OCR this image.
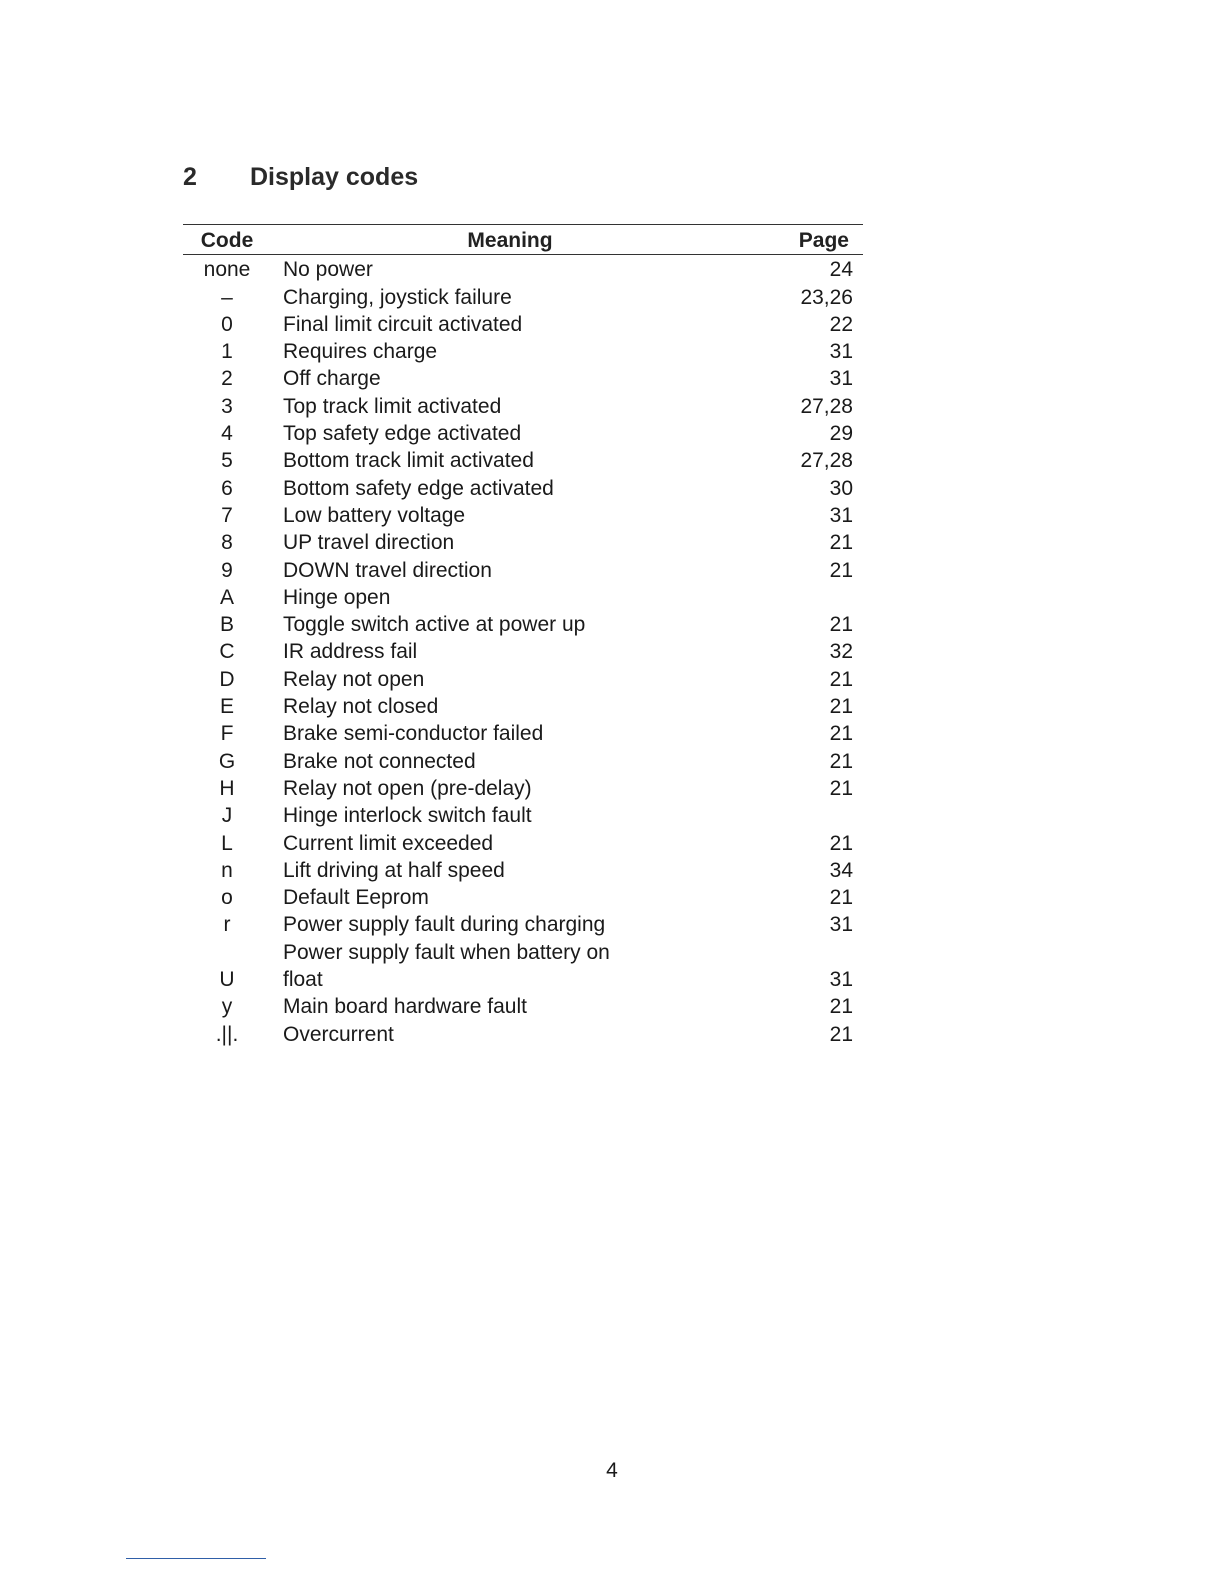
2 Display codes
Code	Meaning	Page
none	No power	24
–	Charging, joystick failure	23,26
0	Final limit circuit activated	22
1	Requires charge	31
2	Off charge	31
3	Top track limit activated	27,28
4	Top safety edge activated	29
5	Bottom track limit activated	27,28
6	Bottom safety edge activated	30
7	Low battery voltage	31
8	UP travel direction	21
9	DOWN travel direction	21
A	Hinge open	

B	Toggle switch active at power up	21
C	IR address fail	32
D	Relay not open	21
E	Relay not closed	21
F	Brake semi-conductor failed	21
G	Brake not connected	21
H	Relay not open (pre-delay)	21
J	Hinge interlock switch fault	

L	Current limit exceeded	21
n	Lift driving at half speed	34
o	Default Eeprom	21
r	Power supply fault during charging	31
U	Power supply fault when battery on float	31
y	Main board hardware fault	21
.||.	Overcurrent	21
4
